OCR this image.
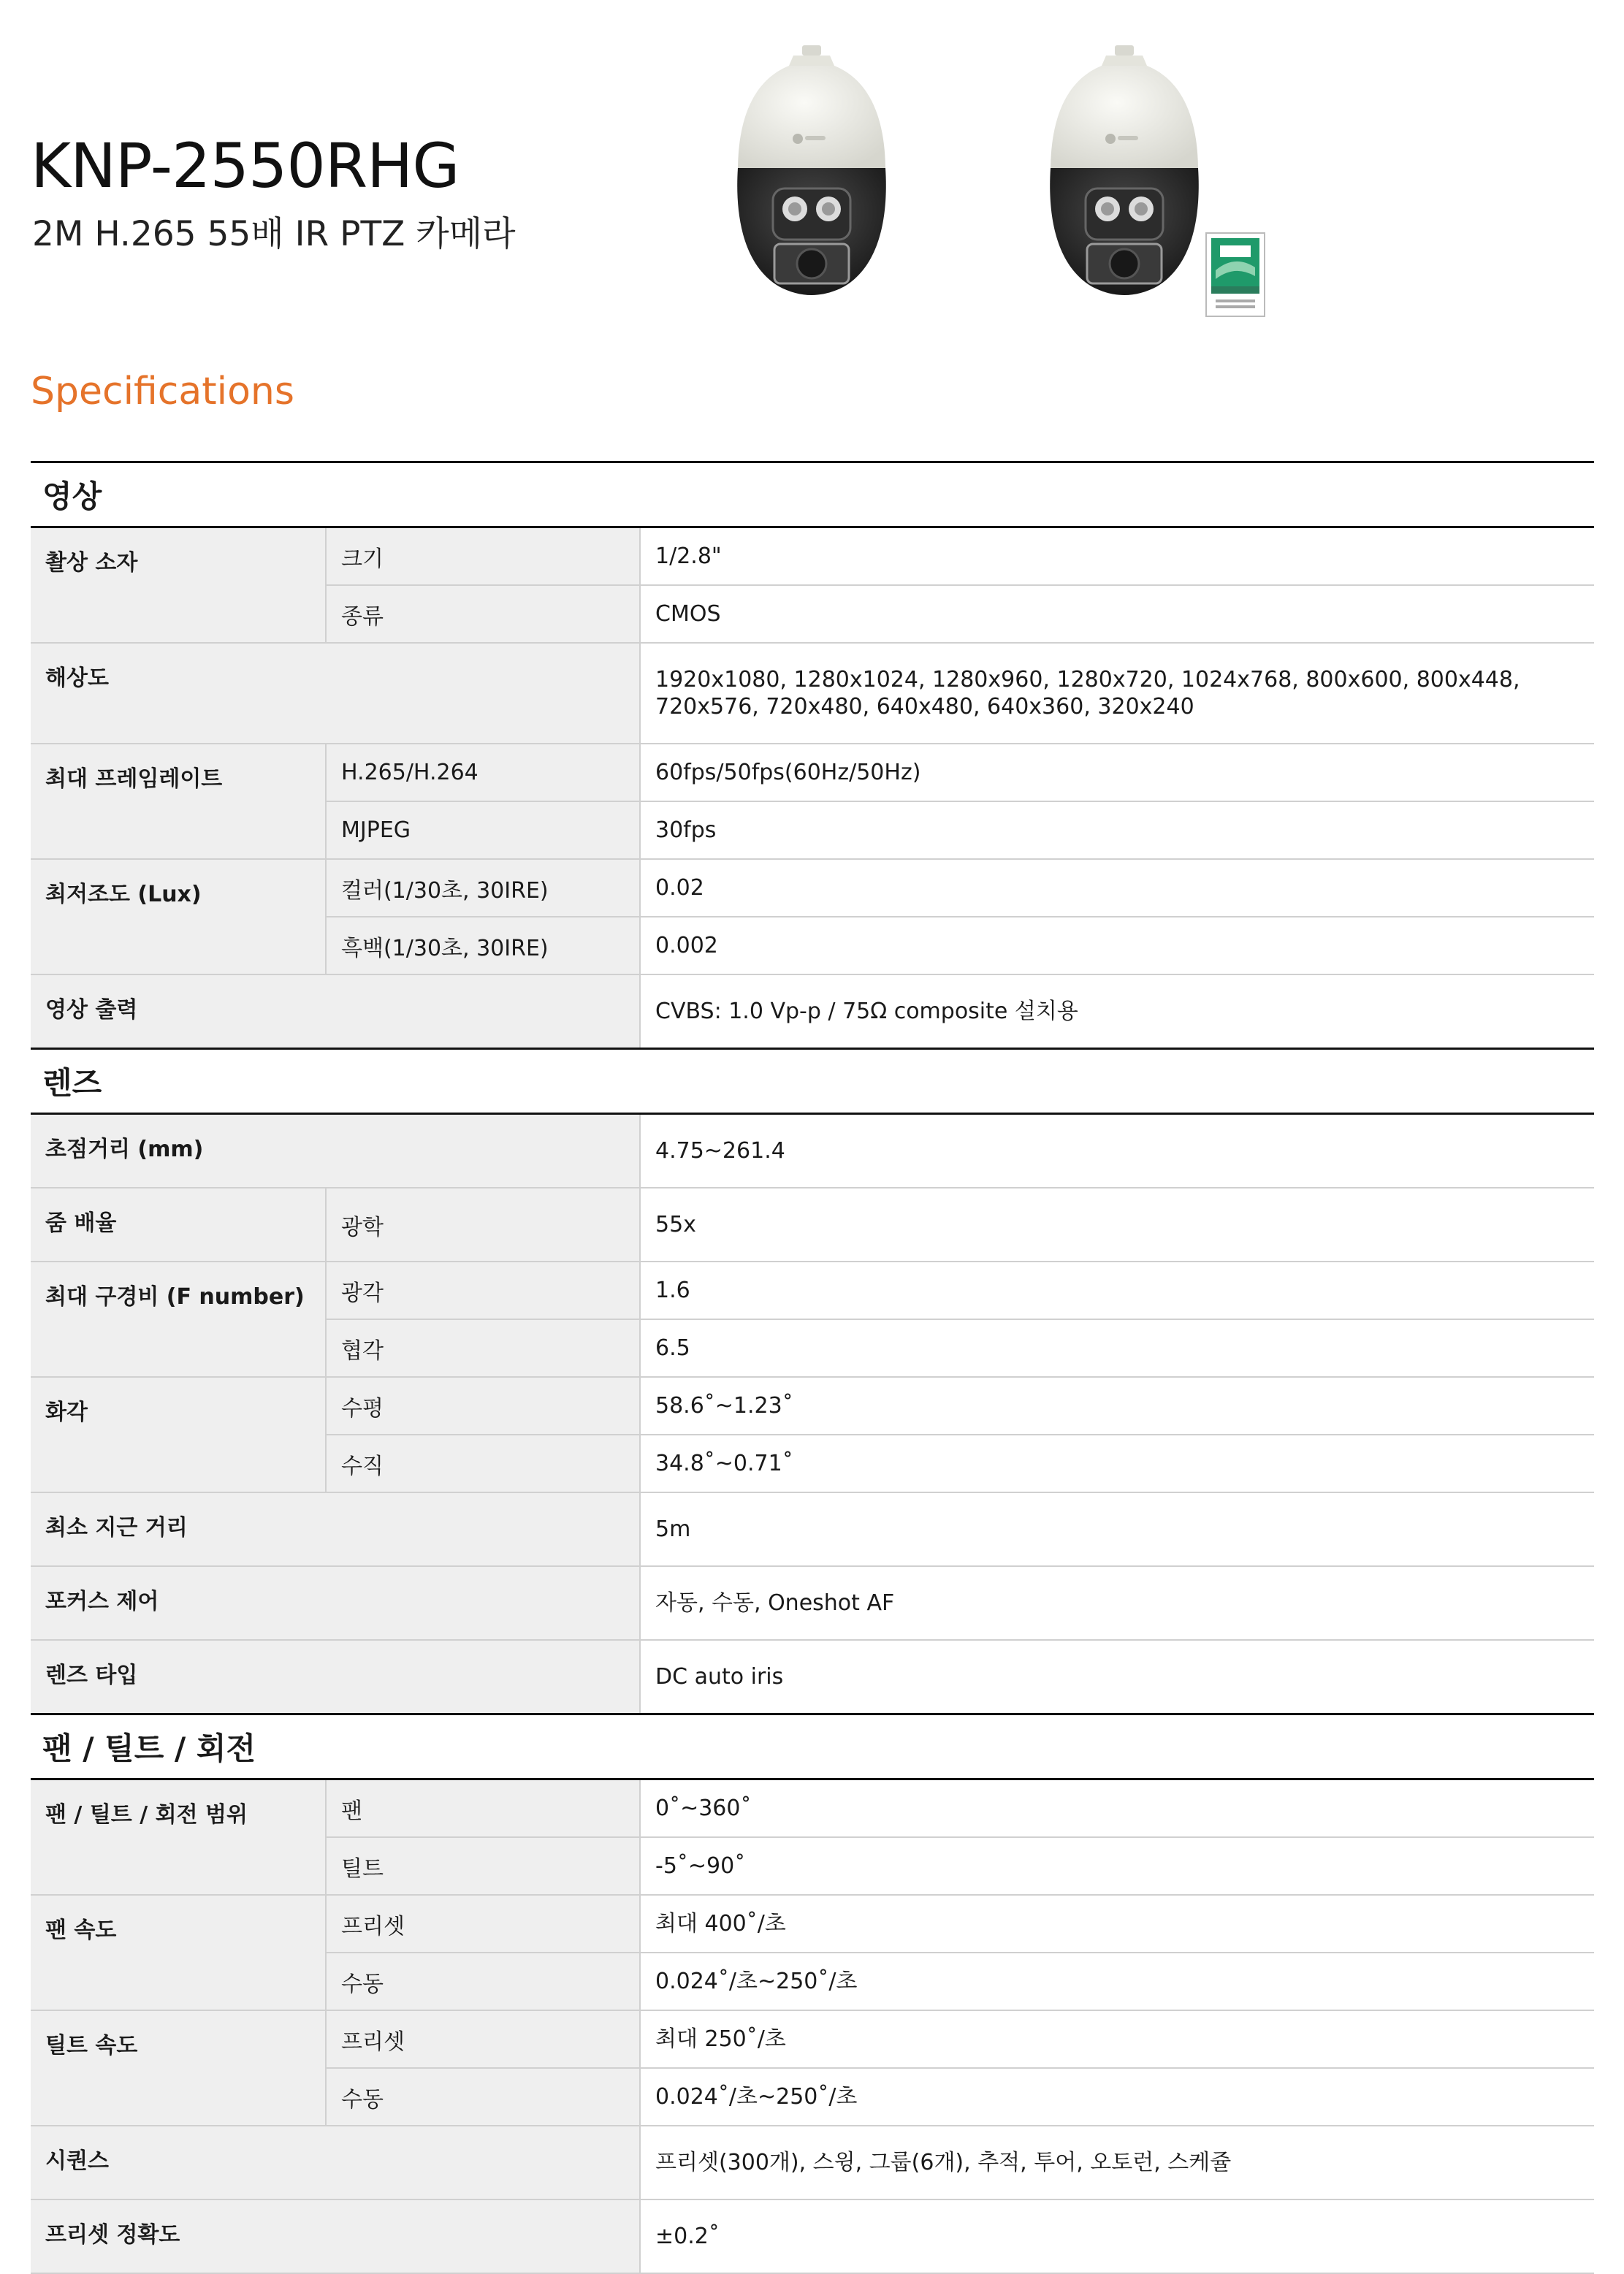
KNP-2550RHG
2M H.265 55배 IR PTZ 카메라
Specifications
영상		
촬상 소자	크기	1/2.8"
	종류	CMOS
해상도		1920x1080, 1280x1024, 1280x960, 1280x720, 1024x768, 800x600, 800x448, 720x576, 720x480, 640x480, 640x360, 320x240
최대 프레임레이트	H.265/H.264	60fps/50fps(60Hz/50Hz)
	MJPEG	30fps
최저조도 (Lux)	컬러(1/30초, 30IRE)	0.02
	흑백(1/30초, 30IRE)	0.002
영상 출력		CVBS: 1.0 Vp-p / 75Ω composite 설치용
렌즈		
초점거리 (mm)		4.75~261.4
줌 배율	광학	55x
최대 구경비 (F number)	광각	1.6
	협각	6.5
화각	수평	58.6˚~1.23˚
	수직	34.8˚~0.71˚
최소 지근 거리		5m
포커스 제어		자동, 수동, Oneshot AF
렌즈 타입		DC auto iris
팬 / 틸트 / 회전		
팬 / 틸트 / 회전 범위	팬	0˚~360˚
	틸트	-5˚~90˚
팬 속도	프리셋	최대 400˚/초
	수동	0.024˚/초~250˚/초
틸트 속도	프리셋	최대 250˚/초
	수동	0.024˚/초~250˚/초
시퀀스		프리셋(300개), 스윙, 그룹(6개), 추적, 투어, 오토런, 스케쥴
프리셋 정확도		±0.2˚
